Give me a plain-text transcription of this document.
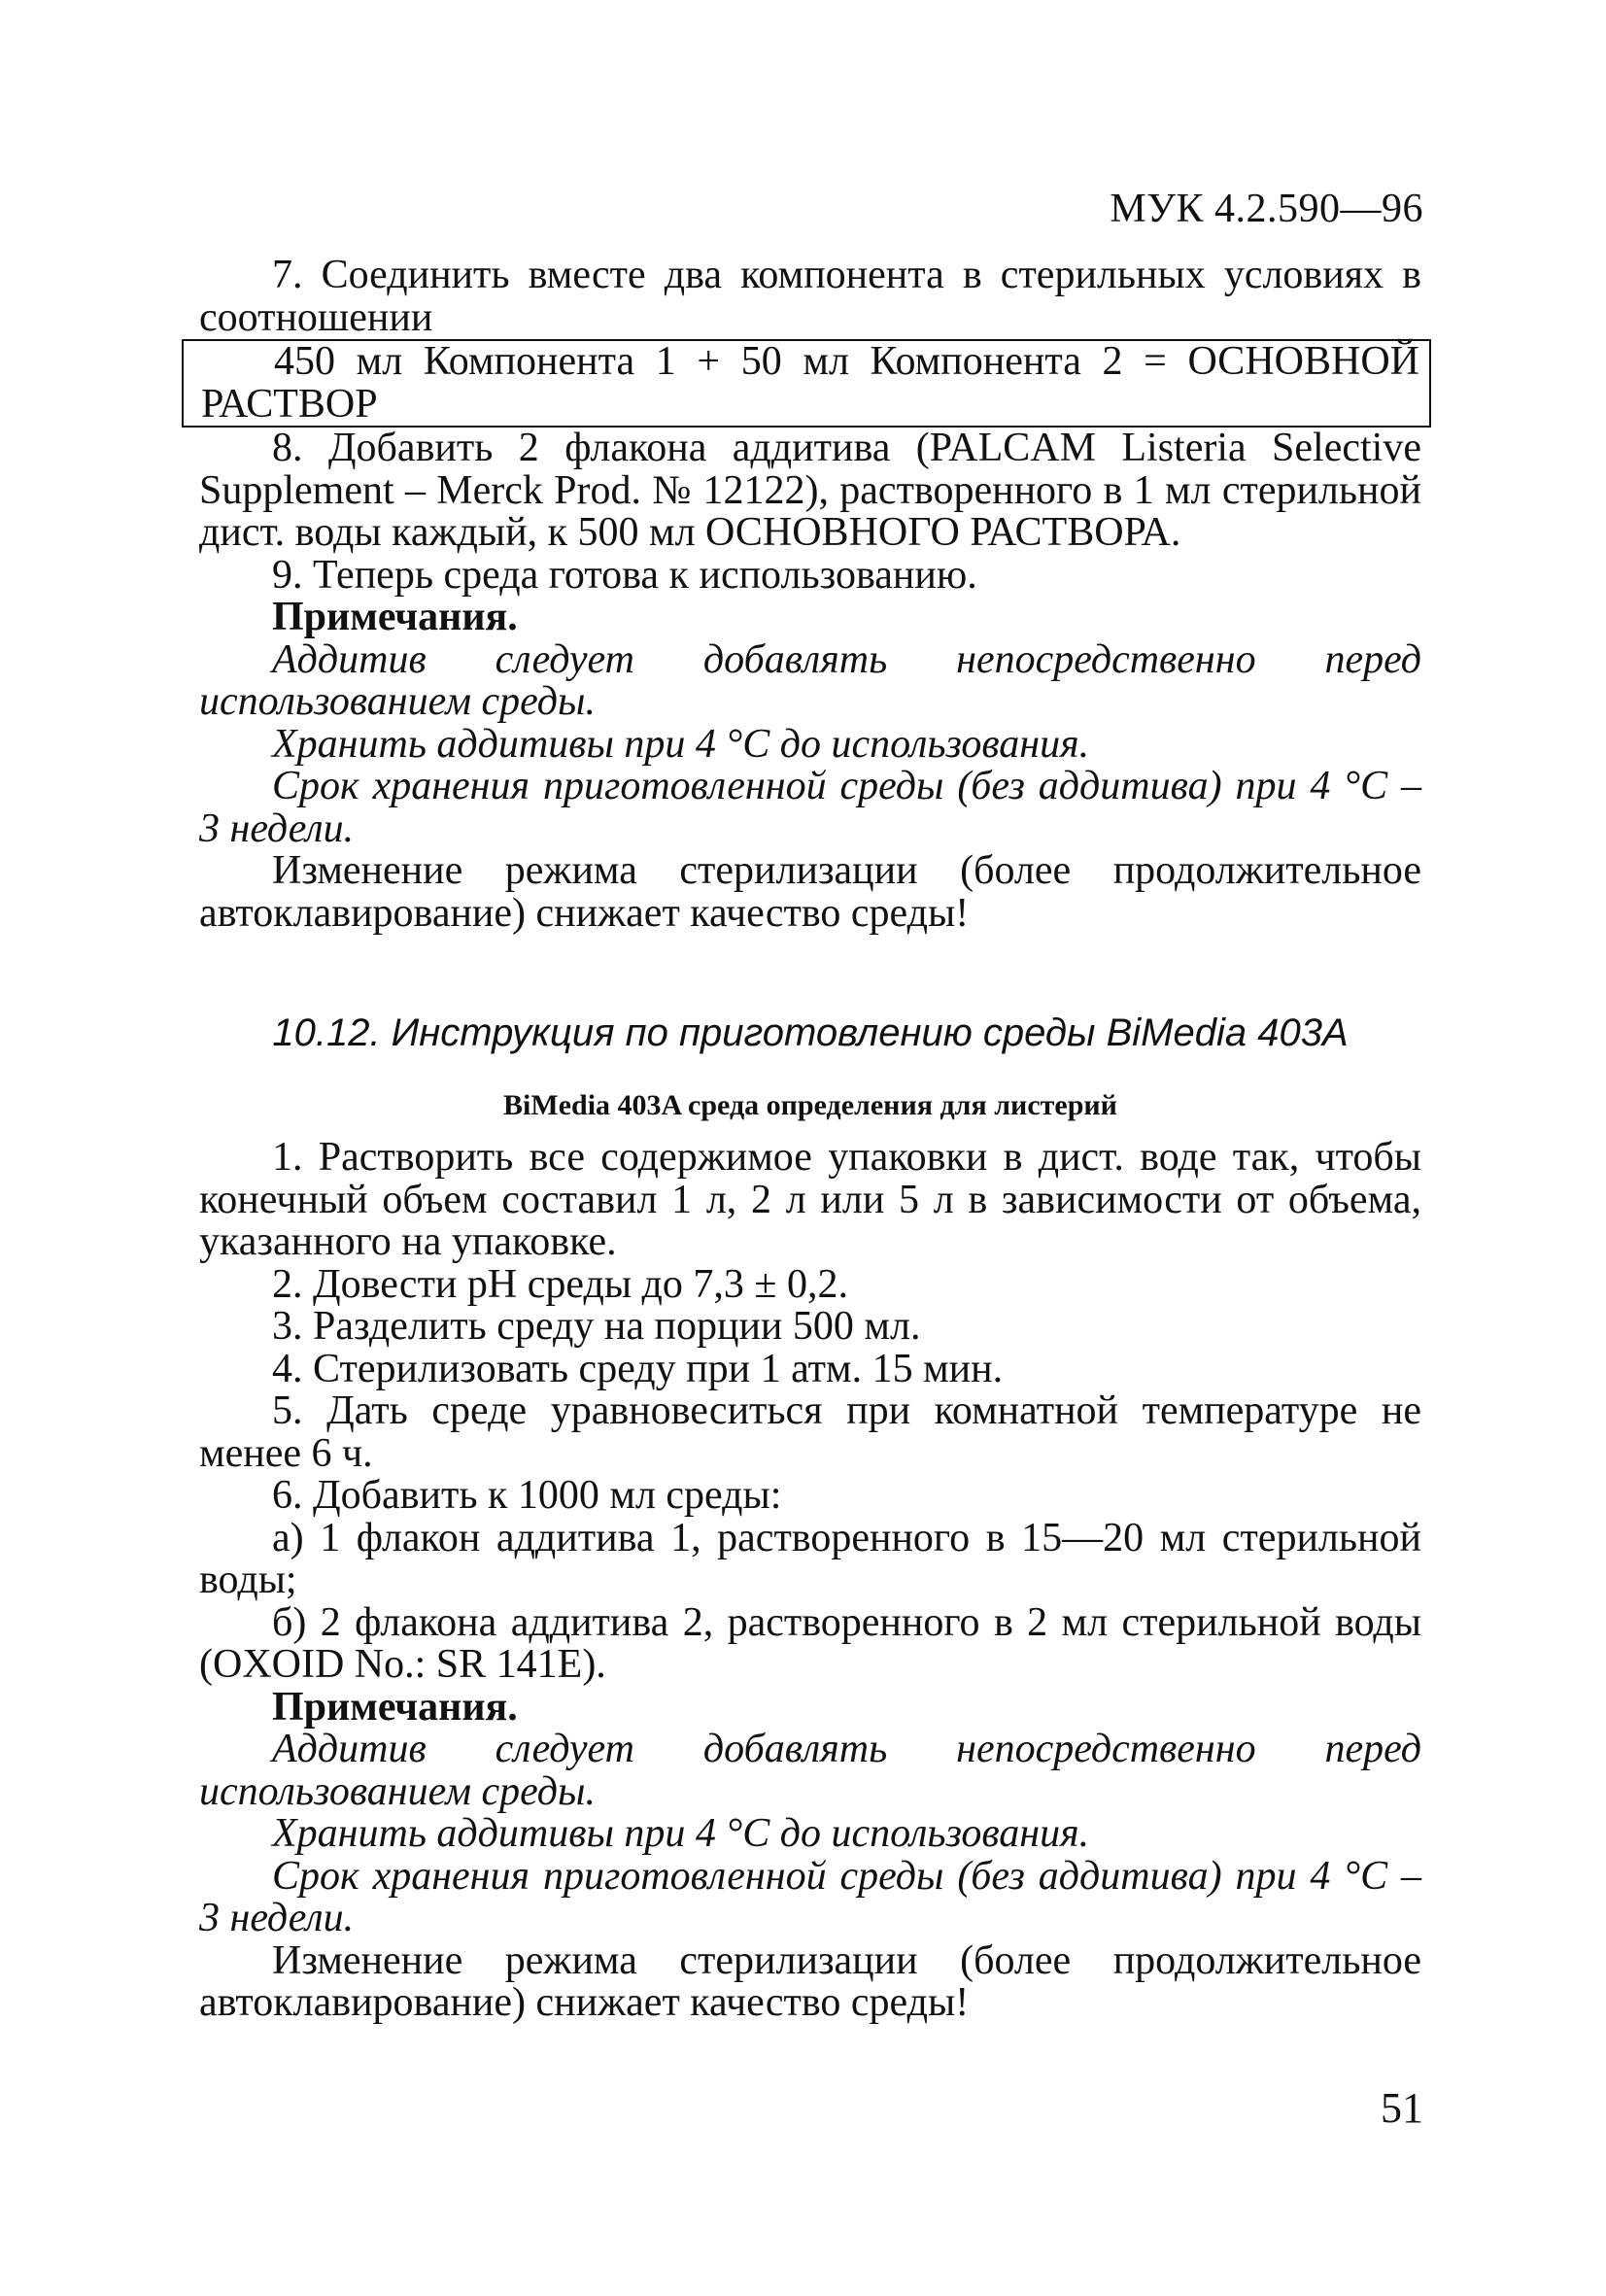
МУК 4.2.590—96

7. Соединить вместе два компонента в стерильных условиях в соотношении

450 мл Компонента 1 + 50 мл Компонента 2 = ОСНОВНОЙ РАСТВОР

8. Добавить 2 флакона аддитива (PALCAM Listeria Selective Supplement – Merck Prod. № 12122), растворенного в 1 мл стерильной дист. воды каждый, к 500 мл ОСНОВНОГО РАСТВОРА.

9. Теперь среда готова к использованию.

Примечания.

Аддитив следует добавлять непосредственно перед использованием среды.

Хранить аддитивы при 4 °С до использования.

Срок хранения приготовленной среды (без аддитива) при 4 °С – 3 недели.

Изменение режима стерилизации (более продолжительное автоклавирование) снижает качество среды!

10.12. Инструкция по приготовлению среды BiMedia 403A
BiMedia 403A среда определения для листерий

1. Растворить все содержимое упаковки в дист. воде так, чтобы конечный объем составил 1 л, 2 л или 5 л в зависимости от объема, указанного на упаковке.

2. Довести pH среды до 7,3 ± 0,2.

3. Разделить среду на порции 500 мл.

4. Стерилизовать среду при 1 атм. 15 мин.

5. Дать среде уравновеситься при комнатной температуре не менее 6 ч.

6. Добавить к 1000 мл среды:

а) 1 флакон аддитива 1, растворенного в 15—20 мл стерильной воды;

б) 2 флакона аддитива 2, растворенного в 2 мл стерильной воды (OXOID No.: SR 141E).

Примечания.

Аддитив следует добавлять непосредственно перед использованием среды.

Хранить аддитивы при 4 °С до использования.

Срок хранения приготовленной среды (без аддитива) при 4 °С – 3 недели.

Изменение режима стерилизации (более продолжительное автоклавирование) снижает качество среды!

51
